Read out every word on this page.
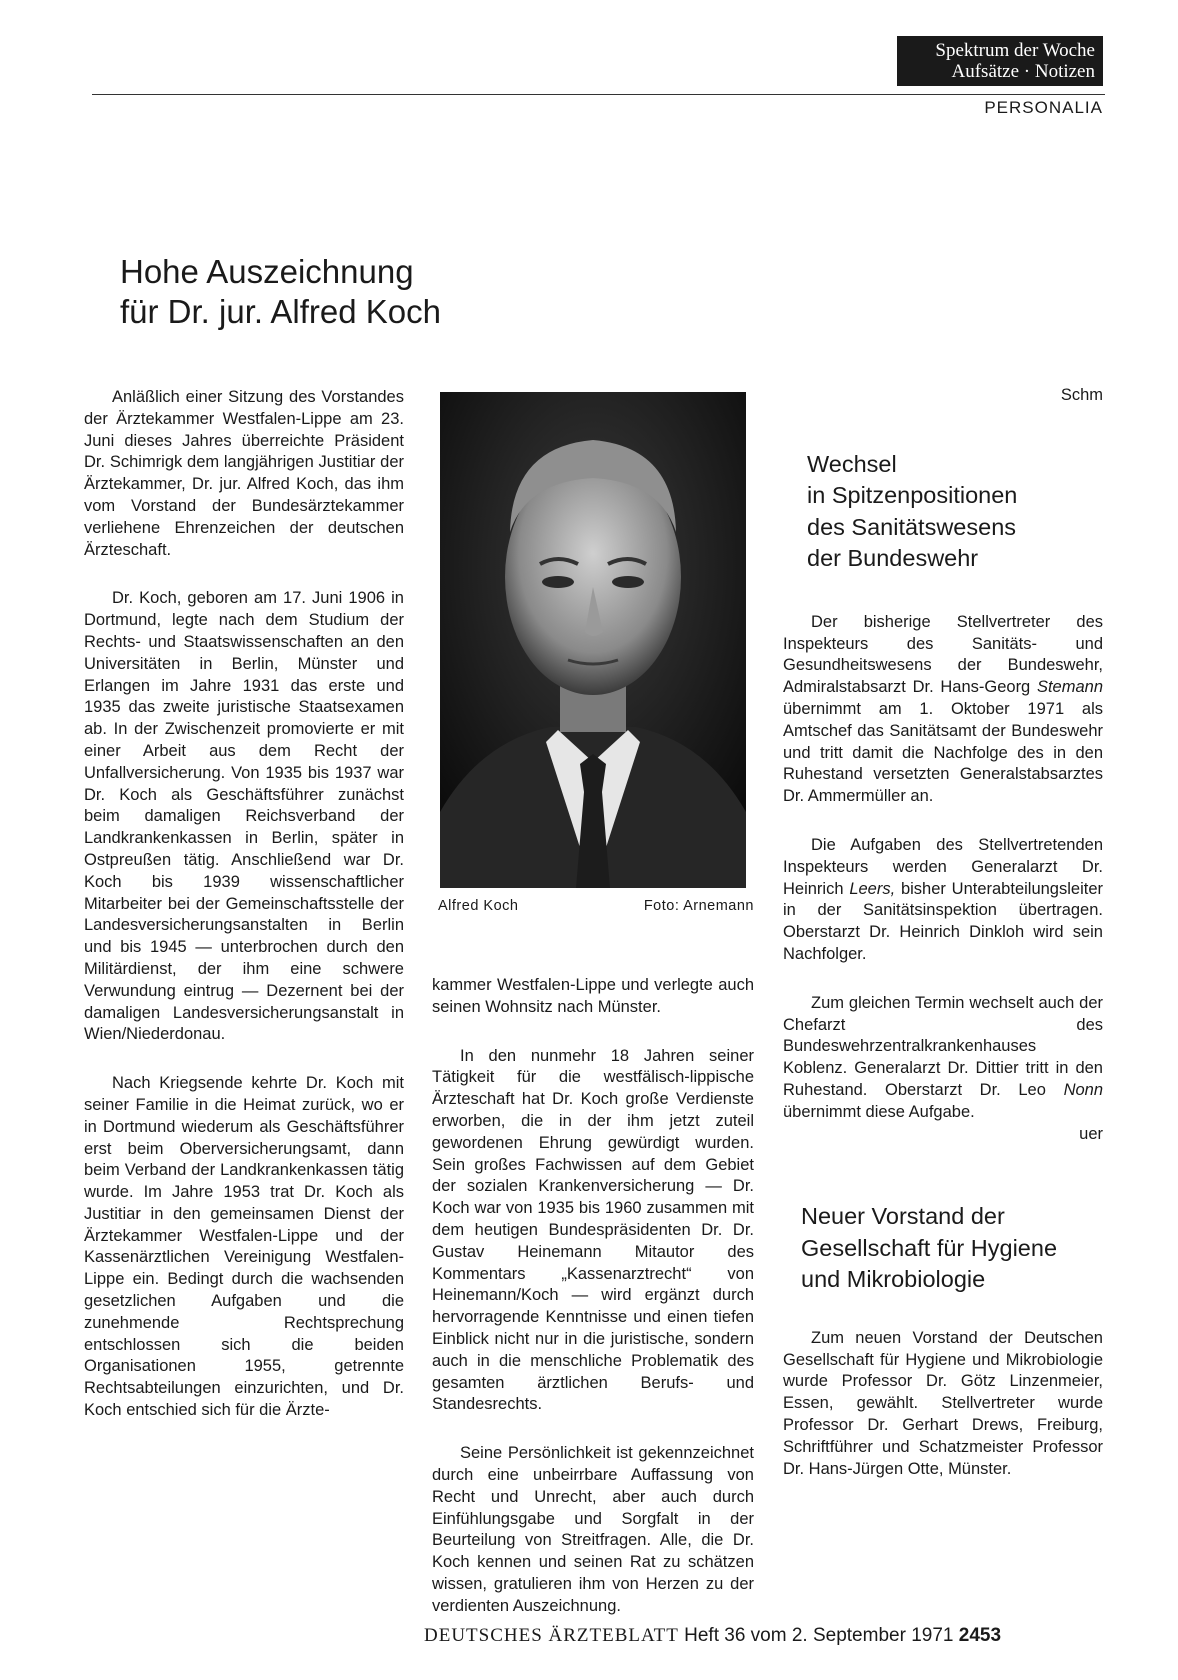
Spektrum der Woche
Aufsätze · Notizen
PERSONALIA
Hohe Auszeichnung
für Dr. jur. Alfred Koch

Anläßlich einer Sitzung des Vorstandes der Ärztekammer Westfalen-Lippe am 23. Juni dieses Jahres überreichte Präsident Dr. Schimrigk dem langjährigen Justitiar der Ärztekammer, Dr. jur. Alfred Koch, das ihm vom Vorstand der Bundesärztekammer verliehene Ehrenzeichen der deutschen Ärzteschaft.

Dr. Koch, geboren am 17. Juni 1906 in Dortmund, legte nach dem Studium der Rechts- und Staatswissenschaften an den Universitäten in Berlin, Münster und Erlangen im Jahre 1931 das erste und 1935 das zweite juristische Staatsexamen ab. In der Zwischenzeit promovierte er mit einer Arbeit aus dem Recht der Unfallversicherung. Von 1935 bis 1937 war Dr. Koch als Geschäftsführer zunächst beim damaligen Reichsverband der Landkrankenkassen in Berlin, später in Ostpreußen tätig. Anschließend war Dr. Koch bis 1939 wissenschaftlicher Mitarbeiter bei der Gemeinschaftsstelle der Landesversicherungsanstalten in Berlin und bis 1945 — unterbrochen durch den Militärdienst, der ihm eine schwere Verwundung eintrug — Dezernent bei der damaligen Landesversicherungsanstalt in Wien/Niederdonau.

Nach Kriegsende kehrte Dr. Koch mit seiner Familie in die Heimat zurück, wo er in Dortmund wiederum als Geschäftsführer erst beim Oberversicherungsamt, dann beim Verband der Landkrankenkassen tätig wurde. Im Jahre 1953 trat Dr. Koch als Justitiar in den gemeinsamen Dienst der Ärztekammer Westfalen-Lippe und der Kassenärztlichen Vereinigung Westfalen-Lippe ein. Bedingt durch die wachsenden gesetzlichen Aufgaben und die zunehmende Rechtsprechung entschlossen sich die beiden Organisationen 1955, getrennte Rechtsabteilungen einzurichten, und Dr. Koch entschied sich für die Ärzte-

Alfred Koch	Foto: Arnemann

kammer Westfalen-Lippe und verlegte auch seinen Wohnsitz nach Münster.

In den nunmehr 18 Jahren seiner Tätigkeit für die westfälisch-lippische Ärzteschaft hat Dr. Koch große Verdienste erworben, die in der ihm jetzt zuteil gewordenen Ehrung gewürdigt wurden. Sein großes Fachwissen auf dem Gebiet der sozialen Krankenversicherung — Dr. Koch war von 1935 bis 1960 zusammen mit dem heutigen Bundespräsidenten Dr. Dr. Gustav Heinemann Mitautor des Kommentars „Kassenarztrecht“ von Heinemann/Koch — wird ergänzt durch hervorragende Kenntnisse und einen tiefen Einblick nicht nur in die juristische, sondern auch in die menschliche Problematik des gesamten ärztlichen Berufs- und Standesrechts.

Seine Persönlichkeit ist gekennzeichnet durch eine unbeirrbare Auffassung von Recht und Unrecht, aber auch durch Einfühlungsgabe und Sorgfalt in der Beurteilung von Streitfragen. Alle, die Dr. Koch kennen und seinen Rat zu schätzen wissen, gratulieren ihm von Herzen zu der verdienten Auszeichnung.

Schm
Wechsel
in Spitzenpositionen
des Sanitätswesens
der Bundeswehr

Der bisherige Stellvertreter des Inspekteurs des Sanitäts- und Gesundheitswesens der Bundeswehr, Admiralstabsarzt Dr. Hans-Georg Stemann übernimmt am 1. Oktober 1971 als Amtschef das Sanitätsamt der Bundeswehr und tritt damit die Nachfolge des in den Ruhestand versetzten Generalstabsarztes Dr. Ammermüller an.

Die Aufgaben des Stellvertretenden Inspekteurs werden Generalarzt Dr. Heinrich Leers, bisher Unterabteilungsleiter in der Sanitätsinspektion übertragen. Oberstarzt Dr. Heinrich Dinkloh wird sein Nachfolger.

Zum gleichen Termin wechselt auch der Chefarzt des Bundeswehrzentralkrankenhauses Koblenz. Generalarzt Dr. Dittier tritt in den Ruhestand. Oberstarzt Dr. Leo Nonn übernimmt diese Aufgabe.

uer
Neuer Vorstand der
Gesellschaft für Hygiene
und Mikrobiologie

Zum neuen Vorstand der Deutschen Gesellschaft für Hygiene und Mikrobiologie wurde Professor Dr. Götz Linzenmeier, Essen, gewählt. Stellvertreter wurde Professor Dr. Gerhart Drews, Freiburg, Schriftführer und Schatzmeister Professor Dr. Hans-Jürgen Otte, Münster.

DEUTSCHES ÄRZTEBLATT Heft 36 vom 2. September 1971 2453
